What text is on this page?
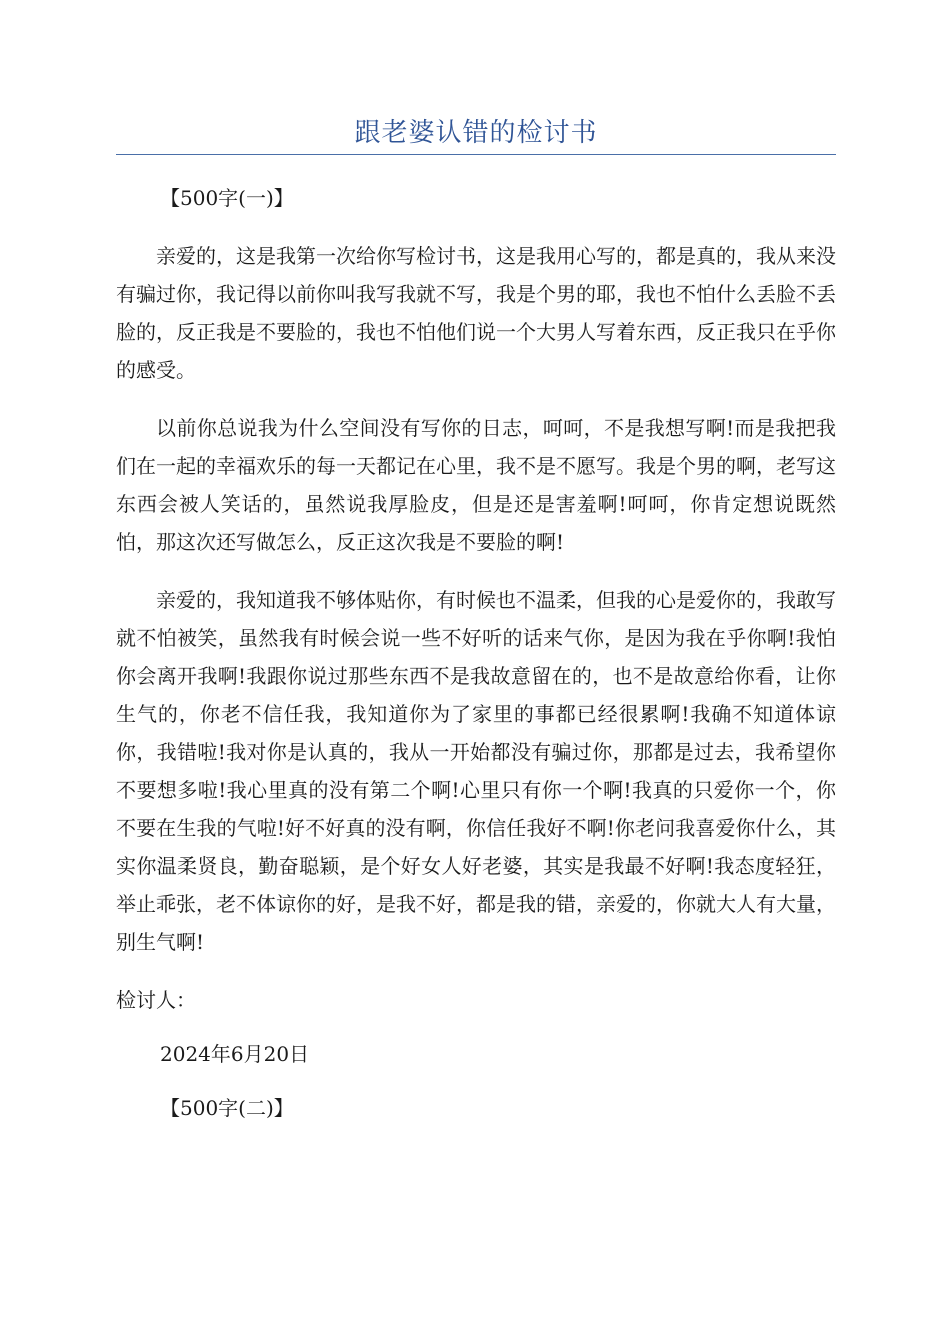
跟老婆认错的检讨书

【500字(一)】

亲爱的，这是我第一次给你写检讨书，这是我用心写的，都是真的，我从来没有骗过你，我记得以前你叫我写我就不写，我是个男的耶，我也不怕什么丢脸不丢脸的，反正我是不要脸的，我也不怕他们说一个大男人写着东西，反正我只在乎你的感受。

以前你总说我为什么空间没有写你的日志，呵呵，不是我想写啊!而是我把我们在一起的幸福欢乐的每一天都记在心里，我不是不愿写。我是个男的啊，老写这东西会被人笑话的，虽然说我厚脸皮，但是还是害羞啊!呵呵，你肯定想说既然怕，那这次还写做怎么，反正这次我是不要脸的啊!

亲爱的，我知道我不够体贴你，有时候也不温柔，但我的心是爱你的，我敢写就不怕被笑，虽然我有时候会说一些不好听的话来气你，是因为我在乎你啊!我怕你会离开我啊!我跟你说过那些东西不是我故意留在的，也不是故意给你看，让你生气的，你老不信任我，我知道你为了家里的事都已经很累啊!我确不知道体谅你，我错啦!我对你是认真的，我从一开始都没有骗过你，那都是过去，我希望你不要想多啦!我心里真的没有第二个啊!心里只有你一个啊!我真的只爱你一个，你不要在生我的气啦!好不好真的没有啊，你信任我好不啊!你老问我喜爱你什么，其实你温柔贤良，勤奋聪颖，是个好女人好老婆，其实是我最不好啊!我态度轻狂，举止乖张，老不体谅你的好，是我不好，都是我的错，亲爱的，你就大人有大量，别生气啊!

检讨人：

2024年6月20日

【500字(二)】
